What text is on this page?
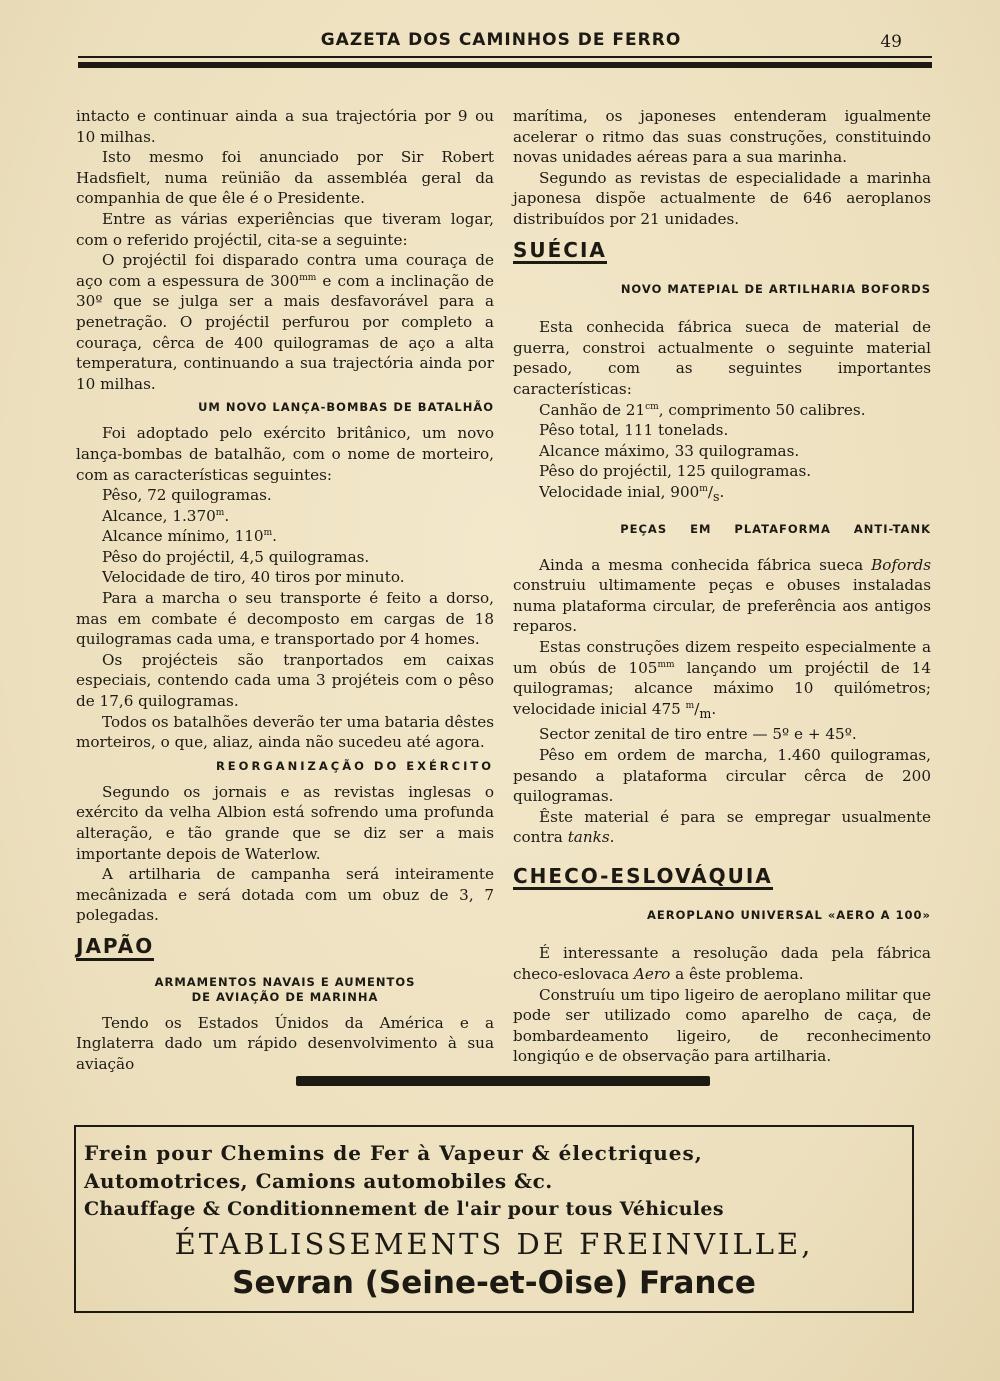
GAZETA DOS CAMINHOS DE FERRO	49

intacto e continuar ainda a sua trajectória por 9 ou 10 milhas.

Isto mesmo foi anunciado por Sir Robert Hadsfielt, numa reünião da assembléa geral da companhia de que êle é o Presidente.

Entre as várias experiências que tiveram logar, com o referido projéctil, cita-se a seguinte:

O projéctil foi disparado contra uma couraça de aço com a espessura de $300^{mm}$ e com a inclinação de 30º que se julga ser a mais desfavorável para a penetração. O projéctil perfurou por completo a couraça, cêrca de 400 quilogramas de aço a alta temperatura, continuando a sua trajectória ainda por 10 milhas.

UM NOVO LANÇA-BOMBAS DE BATALHÃO

Foi adoptado pelo exército britânico, um novo lança-bombas de batalhão, com o nome de morteiro, com as características seguintes:

Pêso, 72 quilogramas.

Alcance, 1.370$^m$.

Alcance mínimo, 110$^m$.

Pêso do projéctil, 4,5 quilogramas.

Velocidade de tiro, 40 tiros por minuto.

Para a marcha o seu transporte é feito a dorso, mas em combate é decomposto em cargas de 18 quilogramas cada uma, e transportado por 4 homes.

Os projécteis são tranportados em caixas especiais, contendo cada uma 3 projéteis com o pêso de 17,6 quilogramas.

Todos os batalhões deverão ter uma bataria dêstes morteiros, o que, aliaz, ainda não sucedeu até agora.

REORGANIZAÇÃO DO EXÉRCITO

Segundo os jornais e as revistas inglesas o exército da velha Albion está sofrendo uma profunda alteração, e tão grande que se diz ser a mais importante depois de Waterlow.

A artilharia de campanha será inteiramente mecânizada e será dotada com um obuz de 3, 7 polegadas.

JAPÃO
ARMAMENTOS NAVAIS E AUMENTOS
DE AVIAÇÃO DE MARINHA

Tendo os Estados Únidos da América e a Inglaterra dado um rápido desenvolvimento à sua aviação

marítima, os japoneses entenderam igualmente acelerar o ritmo das suas construções, constituindo novas unidades aéreas para a sua marinha.

Segundo as revistas de especialidade a marinha japonesa dispõe actualmente de 646 aeroplanos distribuídos por 21 unidades.

SUÉCIA
NOVO MATEPIAL DE ARTILHARIA BOFORDS

Esta conhecida fábrica sueca de material de guerra, constroi actualmente o seguinte material pesado, com as seguintes importantes características:

Canhão de $21^{cm}$, comprimento 50 calibres.

Pêso total, 111 tonelads.

Alcance máximo, 33 quilogramas.

Pêso do projéctil, 125 quilogramas.

Velocidade inial, $900^m/_s$.

PEÇAS EM PLATAFORMA ANTI-TANK

Ainda a mesma conhecida fábrica sueca Bofords construiu ultimamente peças e obuses instaladas numa plataforma circular, de preferência aos antigos reparos.

Estas construções dizem respeito especialmente a um obús de $105^{mm}$ lançando um projéctil de 14 quilogramas; alcance máximo 10 quilómetros; velocidade inicial 475 $^m/_m$.

Sector zenital de tiro entre — 5º e + 45º.

Pêso em ordem de marcha, 1.460 quilogramas, pesando a plataforma circular cêrca de 200 quilogramas.

Êste material é para se empregar usualmente contra tanks.

CHECO-ESLOVÁQUIA
AEROPLANO UNIVERSAL «AERO A 100»

É interessante a resolução dada pela fábrica checo-eslovaca Aero a êste problema.

Construíu um tipo ligeiro de aeroplano militar que pode ser utilizado como aparelho de caça, de bombardeamento ligeiro, de reconhecimento longiqúo e de observação para artilharia.

Frein pour Chemins de Fer à Vapeur & électriques,
Automotrices, Camions automobiles &c.
Chauffage & Conditionnement de l'air pour tous Véhicules
ÉTABLISSEMENTS DE FREINVILLE,
Sevran (Seine-et-Oise) France
